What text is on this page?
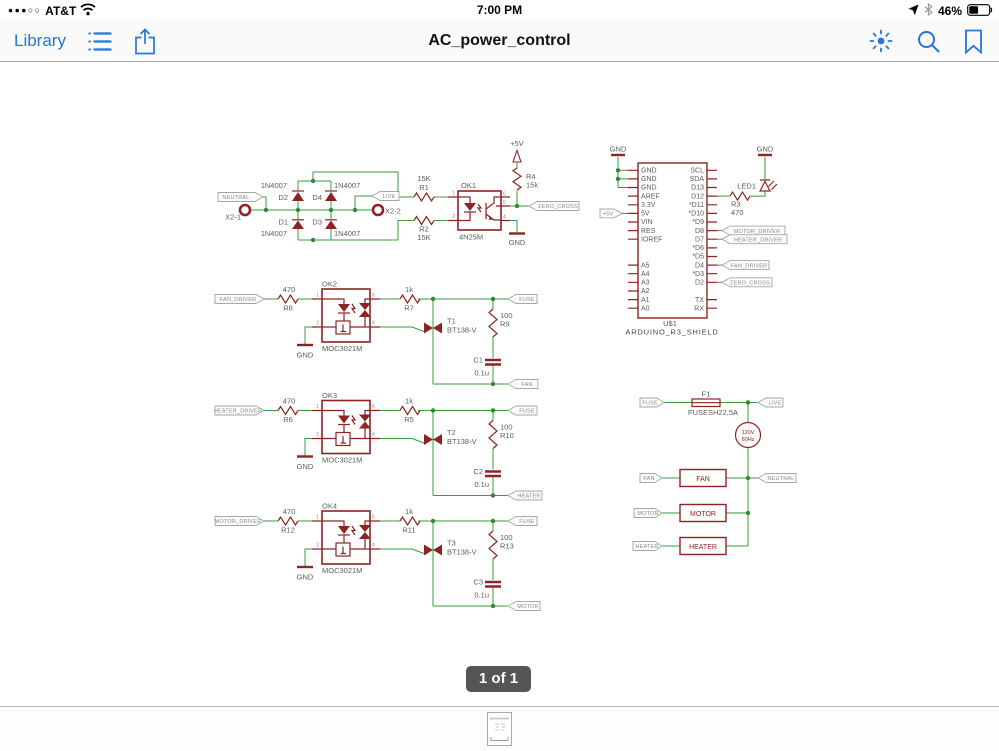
●●●○○ AT&T	7:00 PM	46%
Library	AC_power_control
NEUTRAL
X2-1
X2-2
LIVE
D2
1N4007
D1
1N4007
D4
1N4007
D3
1N4007
15K
R1
R2
15K
1
2
6
5
4
OK1
4N25M
R4
15k
+5V
GND
ZERO_CROSS
GND
GND
GND
AREF
3.3V
5V
VIN
RES
IOREF
A5
A4
A3
A2
A1
A0
SCL
SDA
D13
D12
*D11
*D10
*D9
D8
D7
*D6
*D5
D4
*D3
D2
TX
RX
U$1
ARDUINO_R3_SHIELD
GND
+5V
GND
LED1
R3
470
MOTOR_DRIVER
HEATER_DRIVER
FAN_DRIVER
ZERO_CROSS
FAN_DRIVER
470
R8
1
2
6
4
OK2
MOC3021M
GND
1k
R7
T1
BT138-V
100
R9
C1
0.1u
FUSE
FAN
HEATER_DRIVER
470
R6
1
2
6
4
OK3
MOC3021M
GND
1k
R5
T2
BT138-V
100
R10
C2
0.1u
FUSE
HEATER
MOTOR_DRIVER
470
R12
1
2
6
4
OK4
MOC3021M
GND
1k
R11
T3
BT138-V
100
R13
C3
0.1u
FUSE
MOTOR
FUSE
F1
FUSESH22,5A
LIVE
120V
60Hz
FAN	FAN	NEUTRAL
MOTOR	MOTOR
HEATER	HEATER
1 of 1
